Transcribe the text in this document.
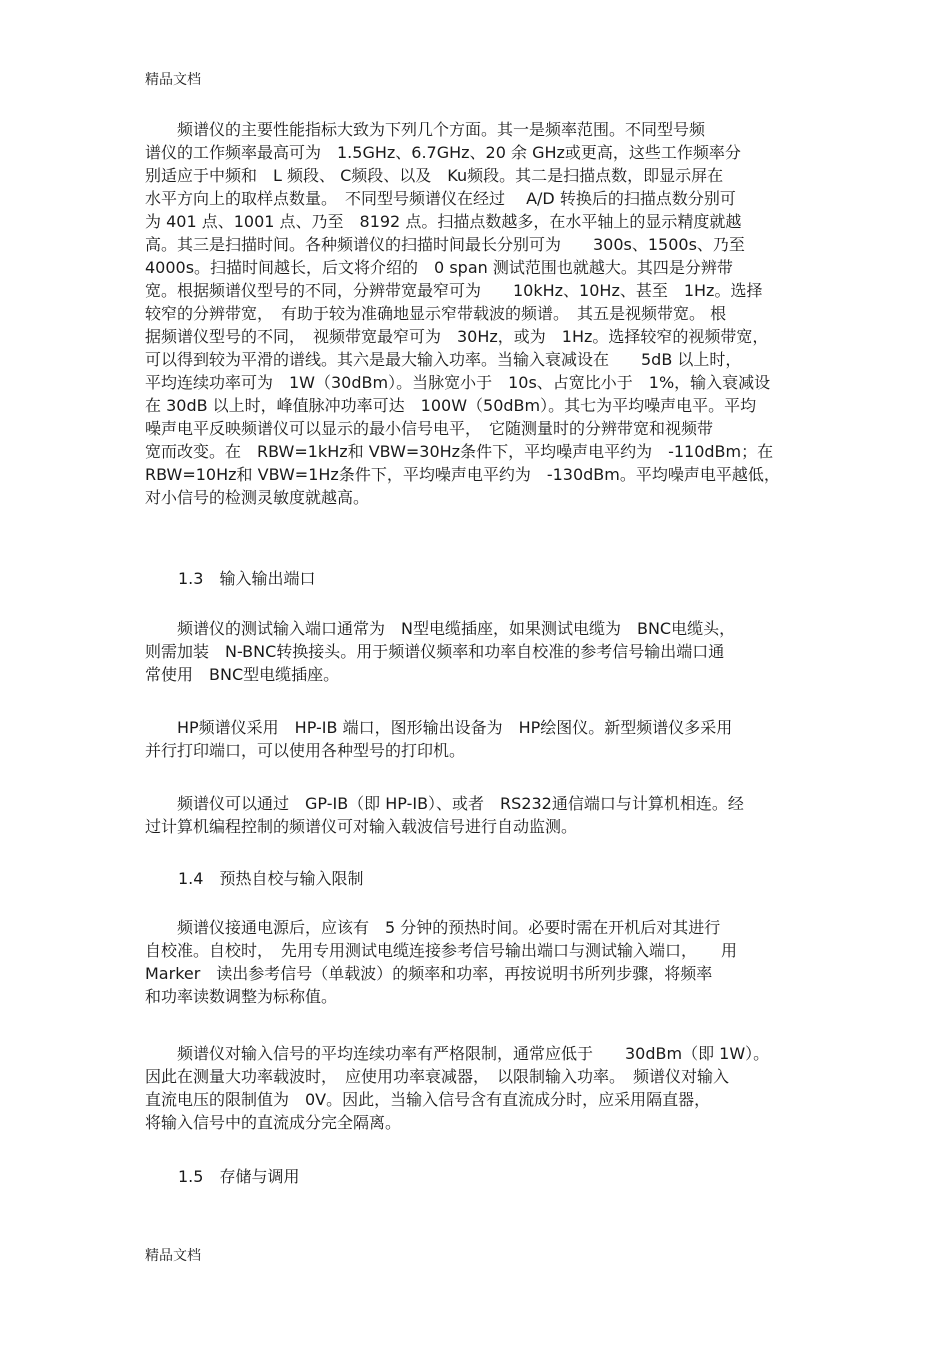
精品文档
　　频谱仪的主要性能指标大致为下列几个方面。其一是频率范围。不同型号频
谱仪的工作频率最高可为　1.5GHz、6.7GHz、20 余 GHz或更高，这些工作频率分
别适应于中频和　L 频段、 C频段、以及　Ku频段。其二是扫描点数，即显示屏在
水平方向上的取样点数量。　不同型号频谱仪在经过　 A/D 转换后的扫描点数分别可
为 401 点、1001 点、乃至　8192 点。扫描点数越多，在水平轴上的显示精度就越
高。其三是扫描时间。各种频谱仪的扫描时间最长分别可为　　300s、1500s、乃至
4000s。扫描时间越长，后文将介绍的　0 span 测试范围也就越大。其四是分辨带
宽。根据频谱仪型号的不同，分辨带宽最窄可为　　10kHz、10Hz、甚至　1Hz。选择
较窄的分辨带宽，　有助于较为准确地显示窄带载波的频谱。　其五是视频带宽。 根
据频谱仪型号的不同，　视频带宽最窄可为　30Hz，或为　1Hz。选择较窄的视频带宽，
可以得到较为平滑的谱线。其六是最大输入功率。当输入衰减设在　　5dB 以上时，
平均连续功率可为　1W（30dBm）。当脉宽小于　10s、占宽比小于　1%，输入衰减设
在 30dB 以上时，峰值脉冲功率可达　100W（50dBm）。其七为平均噪声电平。平均
噪声电平反映频谱仪可以显示的最小信号电平，　它随测量时的分辨带宽和视频带
宽而改变。在　RBW=1kHz和 VBW=30Hz条件下，平均噪声电平约为　-110dBm；在
RBW=10Hz和 VBW=1Hz条件下，平均噪声电平约为　-130dBm。平均噪声电平越低，
对小信号的检测灵敏度就越高。
1.3　输入输出端口
　　频谱仪的测试输入端口通常为　N型电缆插座，如果测试电缆为　BNC电缆头，
则需加装　N-BNC转换接头。用于频谱仪频率和功率自校准的参考信号输出端口通
常使用　BNC型电缆插座。
　　HP频谱仪采用　HP-IB 端口，图形输出设备为　HP绘图仪。新型频谱仪多采用
并行打印端口，可以使用各种型号的打印机。
　　频谱仪可以通过　GP-IB（即 HP-IB）、或者　RS232通信端口与计算机相连。经
过计算机编程控制的频谱仪可对输入载波信号进行自动监测。
1.4　预热自校与输入限制
　　频谱仪接通电源后，应该有　5 分钟的预热时间。必要时需在开机后对其进行
自校准。自校时，　先用专用测试电缆连接参考信号输出端口与测试输入端口，　　用
Marker　读出参考信号（单载波）的频率和功率，再按说明书所列步骤，将频率
和功率读数调整为标称值。
　　频谱仪对输入信号的平均连续功率有严格限制，通常应低于　　30dBm（即 1W）。
因此在测量大功率载波时，　应使用功率衰减器，　以限制输入功率。　频谱仪对输入
直流电压的限制值为　0V。因此，当输入信号含有直流成分时，应采用隔直器，
将输入信号中的直流成分完全隔离。
1.5　存储与调用
精品文档
